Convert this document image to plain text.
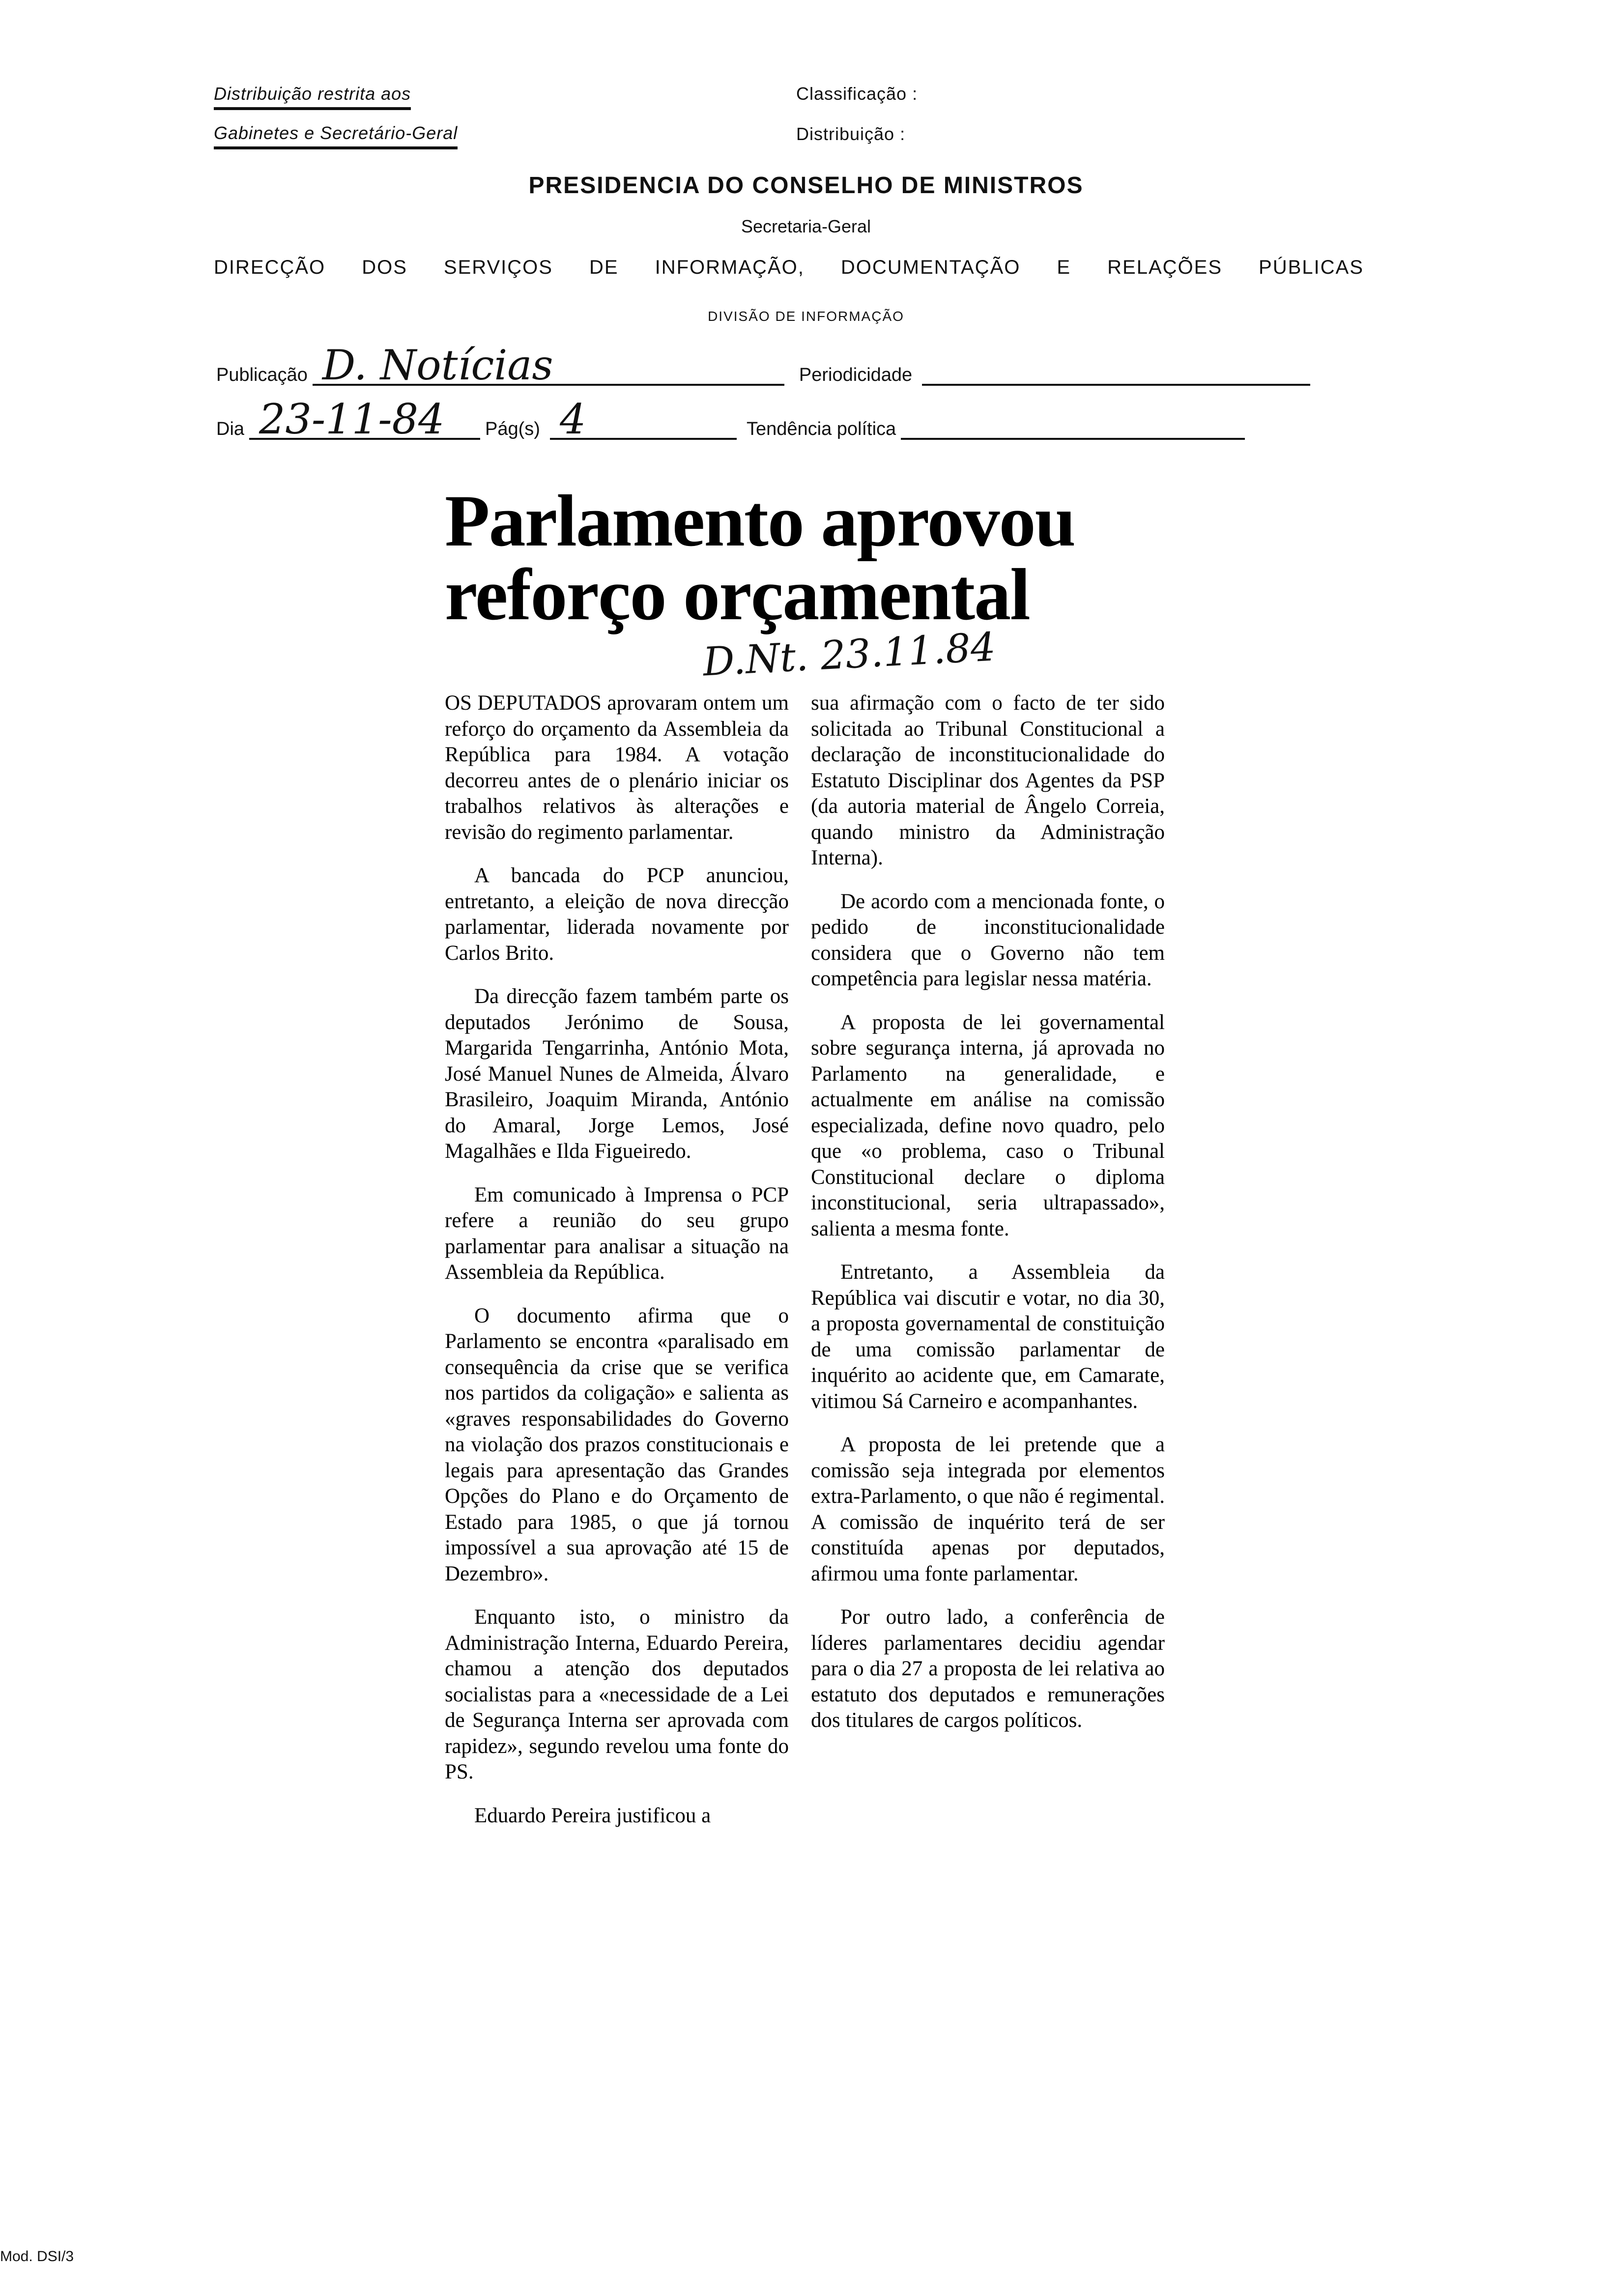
Distribuição restrita aos
Gabinetes e Secretário-Geral
Classificação :
Distribuição :
PRESIDENCIA DO CONSELHO DE MINISTROS
Secretaria-Geral
DIRECÇÃO DOS SERVIÇOS DE INFORMAÇÃO, DOCUMENTAÇÃO E RELAÇÕES PÚBLICAS
DIVISÃO DE INFORMAÇÃO
Publicação D. Notícias	Periodicidade
Dia 23-11-84 Pág(s) 4	Tendência política
Parlamento aprovou
reforço orçamental
D.Nt. 23.11.84

OS DEPUTADOS aprovaram ontem um reforço do orçamento da Assembleia da República para 1984. A votação decorreu antes de o plenário iniciar os trabalhos relativos às alterações e revisão do regimento parlamentar.

A bancada do PCP anunciou, entretanto, a eleição de nova direcção parlamentar, liderada novamente por Carlos Brito.

Da direcção fazem também parte os deputados Jerónimo de Sousa, Margarida Tengarrinha, António Mota, José Manuel Nunes de Almeida, Álvaro Brasileiro, Joaquim Miranda, António do Amaral, Jorge Lemos, José Magalhães e Ilda Figueiredo.

Em comunicado à Imprensa o PCP refere a reunião do seu grupo parlamentar para analisar a situação na Assembleia da República.

O documento afirma que o Parlamento se encontra «paralisado em consequência da crise que se verifica nos partidos da coligação» e salienta as «graves responsabilidades do Governo na violação dos prazos constitucionais e legais para apresentação das Grandes Opções do Plano e do Orçamento de Estado para 1985, o que já tornou impossível a sua aprovação até 15 de Dezembro».

Enquanto isto, o ministro da Administração Interna, Eduardo Pereira, chamou a atenção dos deputados socialistas para a «necessidade de a Lei de Segurança Interna ser aprovada com rapidez», segundo revelou uma fonte do PS.

Eduardo Pereira justificou a

sua afirmação com o facto de ter sido solicitada ao Tribunal Constitucional a declaração de inconstitucionalidade do Estatuto Disciplinar dos Agentes da PSP (da autoria material de Ângelo Correia, quando ministro da Administração Interna).

De acordo com a mencionada fonte, o pedido de inconstitucionalidade considera que o Governo não tem competência para legislar nessa matéria.

A proposta de lei governamental sobre segurança interna, já aprovada no Parlamento na generalidade, e actualmente em análise na comissão especializada, define novo quadro, pelo que «o problema, caso o Tribunal Constitucional declare o diploma inconstitucional, seria ultrapassado», salienta a mesma fonte.

Entretanto, a Assembleia da República vai discutir e votar, no dia 30, a proposta governamental de constituição de uma comissão parlamentar de inquérito ao acidente que, em Camarate, vitimou Sá Carneiro e acompanhantes.

A proposta de lei pretende que a comissão seja integrada por elementos extra-Parlamento, o que não é regimental. A comissão de inquérito terá de ser constituída apenas por deputados, afirmou uma fonte parlamentar.

Por outro lado, a conferência de líderes parlamentares decidiu agendar para o dia 27 a proposta de lei relativa ao estatuto dos deputados e remunerações dos titulares de cargos políticos.

Mod. DSI/3
